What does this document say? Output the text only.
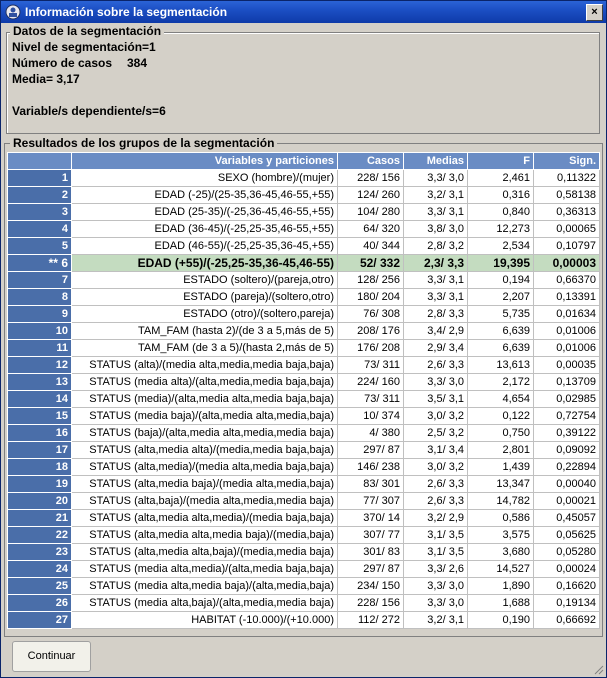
Información sobre la segmentación	×
Datos de la segmentación
Nivel de segmentación=1
Número de casos 384
Media= 3,17
Variable/s dependiente/s=6
Resultados de los grupos de la segmentación
	Variables y particiones	Casos	Medias	F	Sign.
1	SEXO (hombre)/(mujer)	228/ 156	3,3/ 3,0	2,461	0,11322
2	EDAD (-25)/(25-35,36-45,46-55,+55)	124/ 260	3,2/ 3,1	0,316	0,58138
3	EDAD (25-35)/(-25,36-45,46-55,+55)	104/ 280	3,3/ 3,1	0,840	0,36313
4	EDAD (36-45)/(-25,25-35,46-55,+55)	64/ 320	3,8/ 3,0	12,273	0,00065
5	EDAD (46-55)/(-25,25-35,36-45,+55)	40/ 344	2,8/ 3,2	2,534	0,10797
** 6	EDAD (+55)/(-25,25-35,36-45,46-55)	52/ 332	2,3/ 3,3	19,395	0,00003
7	ESTADO (soltero)/(pareja,otro)	128/ 256	3,3/ 3,1	0,194	0,66370
8	ESTADO (pareja)/(soltero,otro)	180/ 204	3,3/ 3,1	2,207	0,13391
9	ESTADO (otro)/(soltero,pareja)	76/ 308	2,8/ 3,3	5,735	0,01634
10	TAM_FAM (hasta 2)/(de 3 a 5,más de 5)	208/ 176	3,4/ 2,9	6,639	0,01006
11	TAM_FAM (de 3 a 5)/(hasta 2,más de 5)	176/ 208	2,9/ 3,4	6,639	0,01006
12	STATUS (alta)/(media alta,media,media baja,baja)	73/ 311	2,6/ 3,3	13,613	0,00035
13	STATUS (media alta)/(alta,media,media baja,baja)	224/ 160	3,3/ 3,0	2,172	0,13709
14	STATUS (media)/(alta,media alta,media baja,baja)	73/ 311	3,5/ 3,1	4,654	0,02985
15	STATUS (media baja)/(alta,media alta,media,baja)	10/ 374	3,0/ 3,2	0,122	0,72754
16	STATUS (baja)/(alta,media alta,media,media baja)	4/ 380	2,5/ 3,2	0,750	0,39122
17	STATUS (alta,media alta)/(media,media baja,baja)	297/ 87	3,1/ 3,4	2,801	0,09092
18	STATUS (alta,media)/(media alta,media baja,baja)	146/ 238	3,0/ 3,2	1,439	0,22894
19	STATUS (alta,media baja)/(media alta,media,baja)	83/ 301	2,6/ 3,3	13,347	0,00040
20	STATUS (alta,baja)/(media alta,media,media baja)	77/ 307	2,6/ 3,3	14,782	0,00021
21	STATUS (alta,media alta,media)/(media baja,baja)	370/ 14	3,2/ 2,9	0,586	0,45057
22	STATUS (alta,media alta,media baja)/(media,baja)	307/ 77	3,1/ 3,5	3,575	0,05625
23	STATUS (alta,media alta,baja)/(media,media baja)	301/ 83	3,1/ 3,5	3,680	0,05280
24	STATUS (media alta,media)/(alta,media baja,baja)	297/ 87	3,3/ 2,6	14,527	0,00024
25	STATUS (media alta,media baja)/(alta,media,baja)	234/ 150	3,3/ 3,0	1,890	0,16620
26	STATUS (media alta,baja)/(alta,media,media baja)	228/ 156	3,3/ 3,0	1,688	0,19134
27	HABITAT (-10.000)/(+10.000)	112/ 272	3,2/ 3,1	0,190	0,66692
Continuar
